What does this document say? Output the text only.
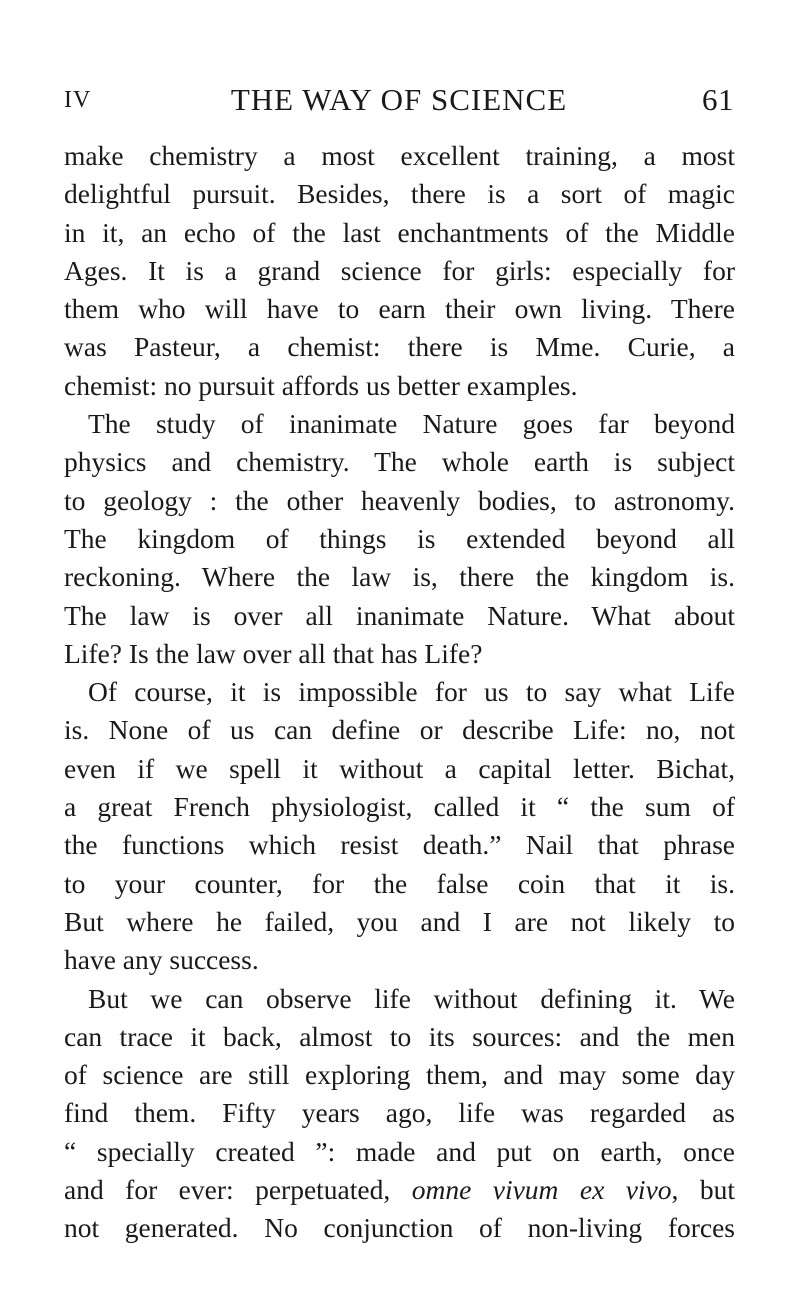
IV	THE WAY OF SCIENCE	61
make chemistry a most excellent training, a most
delightful pursuit. Besides, there is a sort of magic
in it, an echo of the last enchantments of the Middle
Ages. It is a grand science for girls: especially for
them who will have to earn their own living. There
was Pasteur, a chemist: there is Mme. Curie, a
chemist: no pursuit affords us better examples.
The study of inanimate Nature goes far beyond
physics and chemistry. The whole earth is subject
to geology : the other heavenly bodies, to astronomy.
The kingdom of things is extended beyond all
reckoning. Where the law is, there the kingdom is.
The law is over all inanimate Nature. What about
Life? Is the law over all that has Life?
Of course, it is impossible for us to say what Life
is. None of us can define or describe Life: no, not
even if we spell it without a capital letter. Bichat,
a great French physiologist, called it “ the sum of
the functions which resist death.” Nail that phrase
to your counter, for the false coin that it is.
But where he failed, you and I are not likely to
have any success.
But we can observe life without defining it. We
can trace it back, almost to its sources: and the men
of science are still exploring them, and may some day
find them. Fifty years ago, life was regarded as
“ specially created ”: made and put on earth, once
and for ever: perpetuated, omne vivum ex vivo, but
not generated. No conjunction of non-living forces
